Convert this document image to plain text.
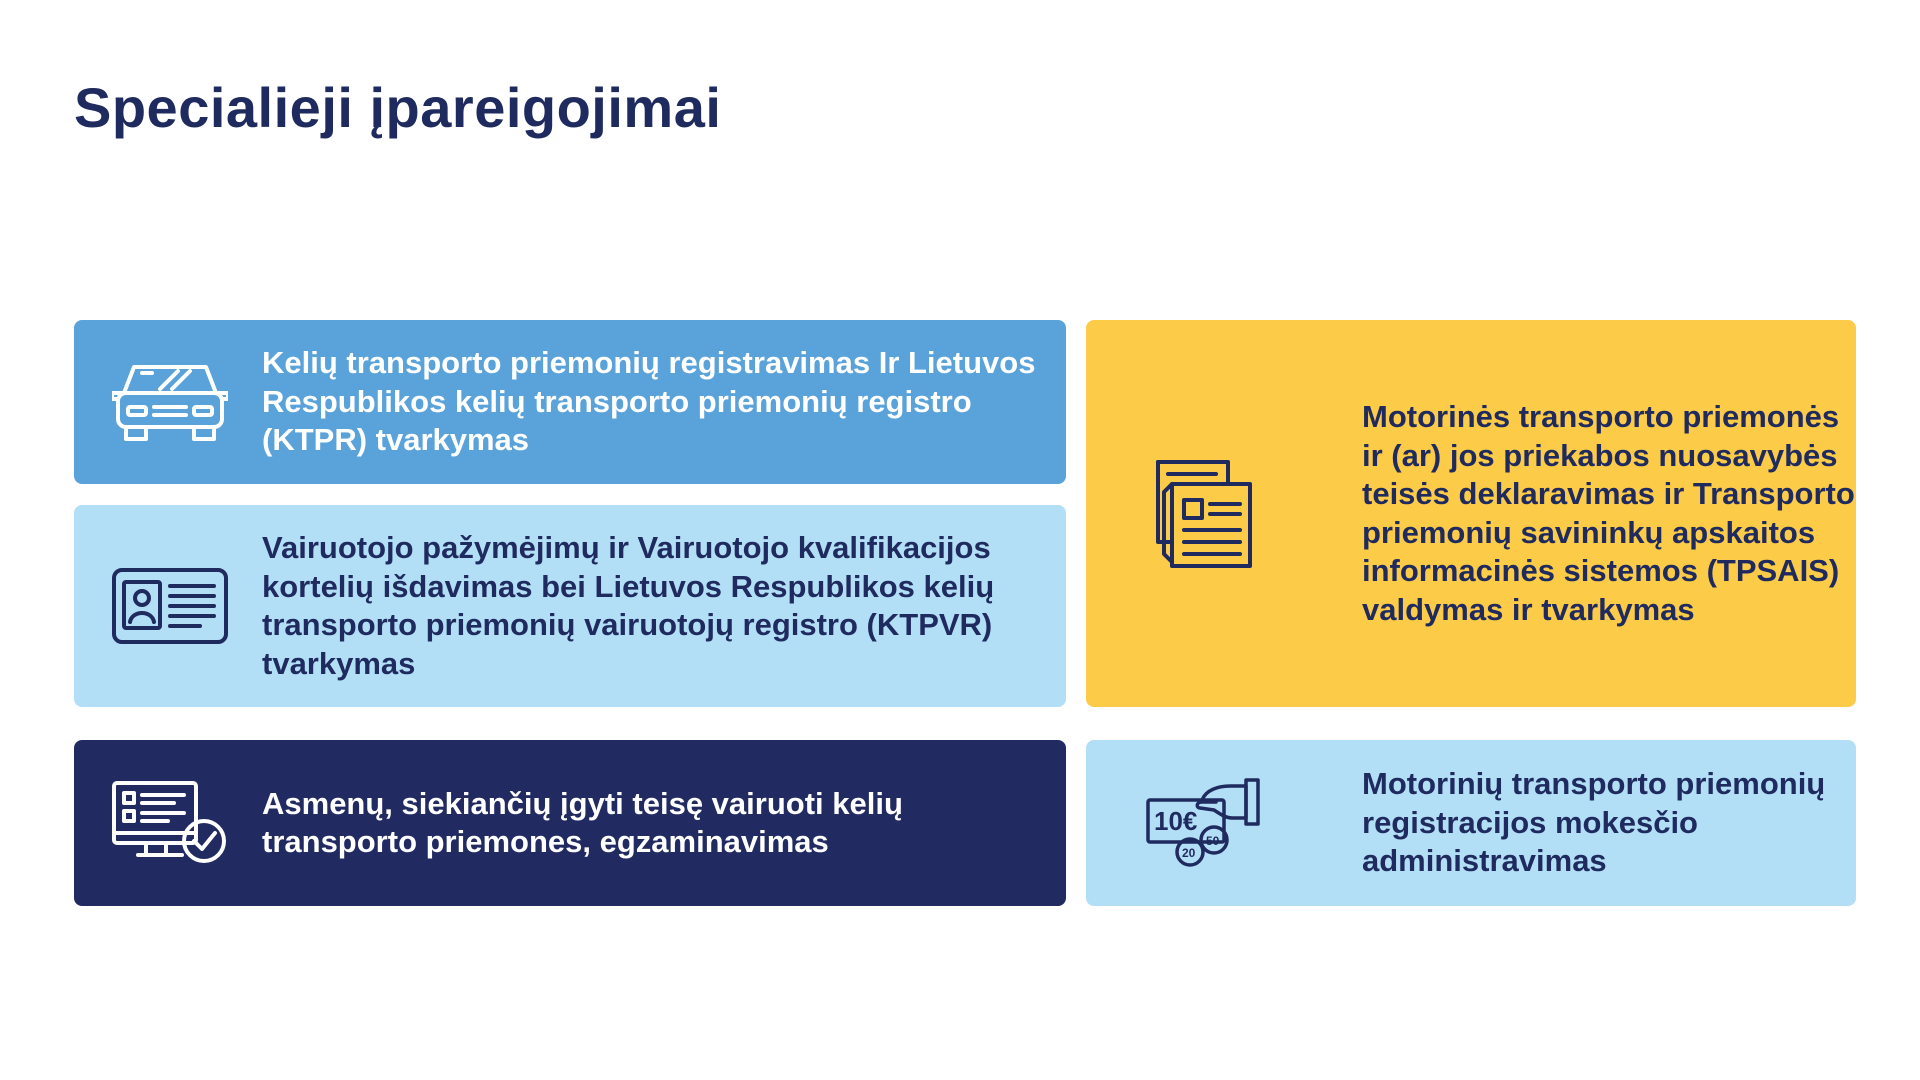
Specialieji įpareigojimai

Kelių transporto priemonių registravimas Ir Lietuvos Respublikos kelių transporto priemonių registro (KTPR) tvarkymas

Vairuotojo pažymėjimų ir Vairuotojo kvalifikacijos kortelių išdavimas bei Lietuvos Respublikos kelių transporto priemonių vairuotojų registro (KTPVR) tvarkymas

Asmenų, siekiančių įgyti teisę vairuoti kelių transporto priemones, egzaminavimas

Motorinės transporto priemonės ir (ar) jos priekabos nuosavybės teisės deklaravimas ir Transporto priemonių savininkų apskaitos informacinės sistemos (TPSAIS) valdymas ir tvarkymas

10€
20
50

Motorinių transporto priemonių registracijos mokesčio administravimas
